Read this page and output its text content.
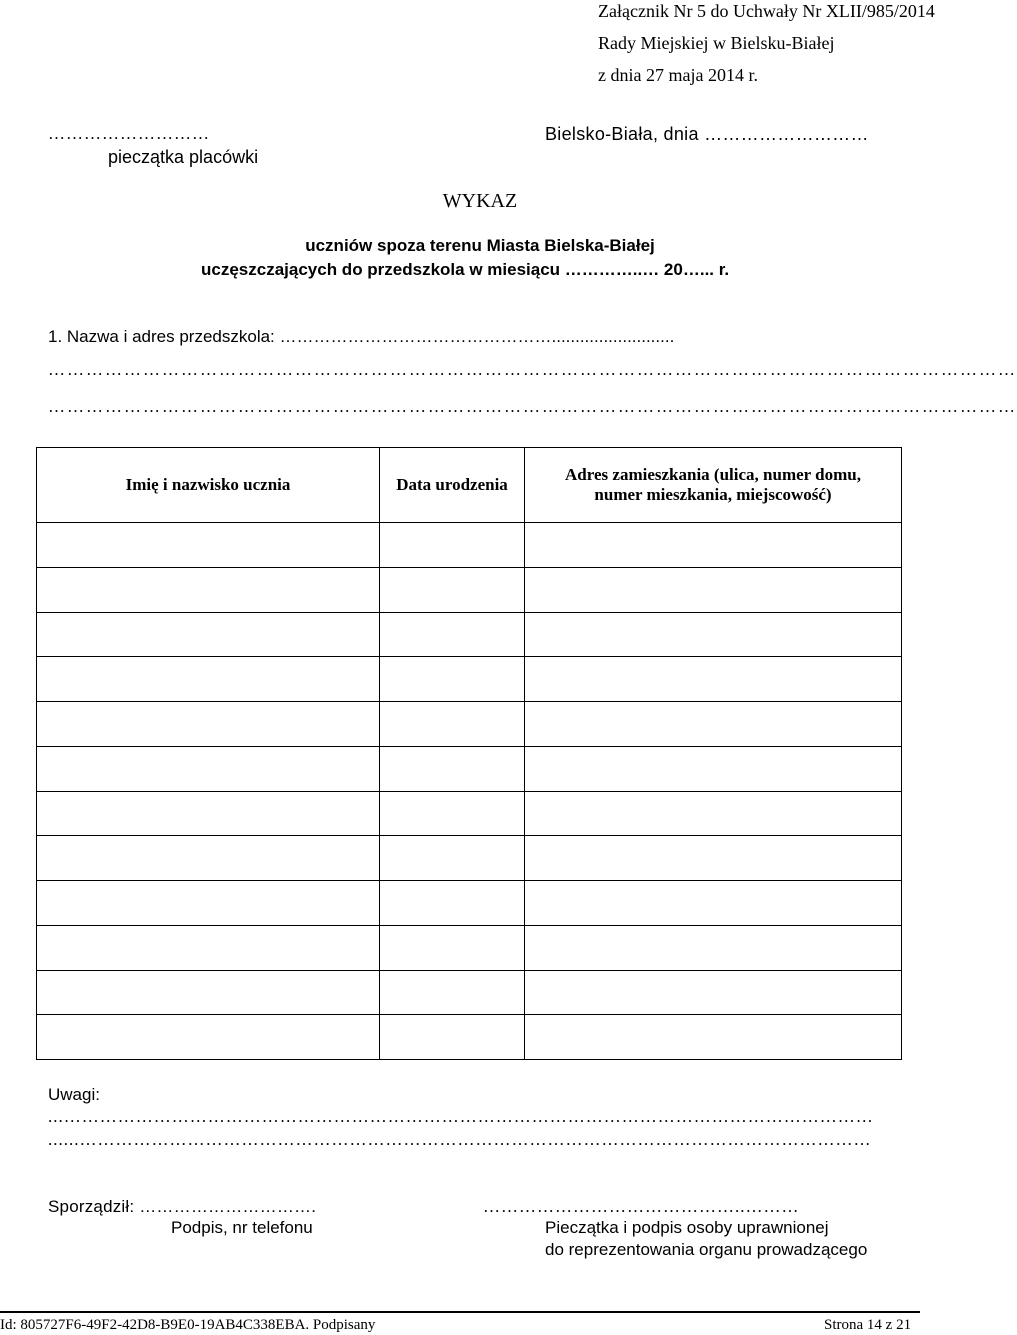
Załącznik Nr 5 do Uchwały Nr XLII/985/2014
Rady Miejskiej w Bielsku-Białej
z dnia 27 maja 2014 r.
………………………
pieczątka placówki
Bielsko-Biała, dnia ………………………
WYKAZ
uczniów spoza terenu Miasta Bielska-Białej
uczęszczających do przedszkola w miesiącu …………..… 20…... r.
1. Nazwa i adres przedszkola: …………………………………………..........................
………………………………………………………………………………………………………………………………………
………………………………………………………………………………………………………………………………………
Imię i nazwisko ucznia	Data urodzenia	Adres zamieszkania (ulica, numer domu, numer mieszkania, miejscowość)

Uwagi:
...………………………………………………………………………………………………………………………
......……………………………………………………………………………………………………………………
Sporządził: ………………………….	……………………………………..………
Podpis, nr telefonu	Pieczątka i podpis osoby uprawnionej
do reprezentowania organu prowadzącego
Id: 805727F6-49F2-42D8-B9E0-19AB4C338EBA. Podpisany	Strona 14 z 21
